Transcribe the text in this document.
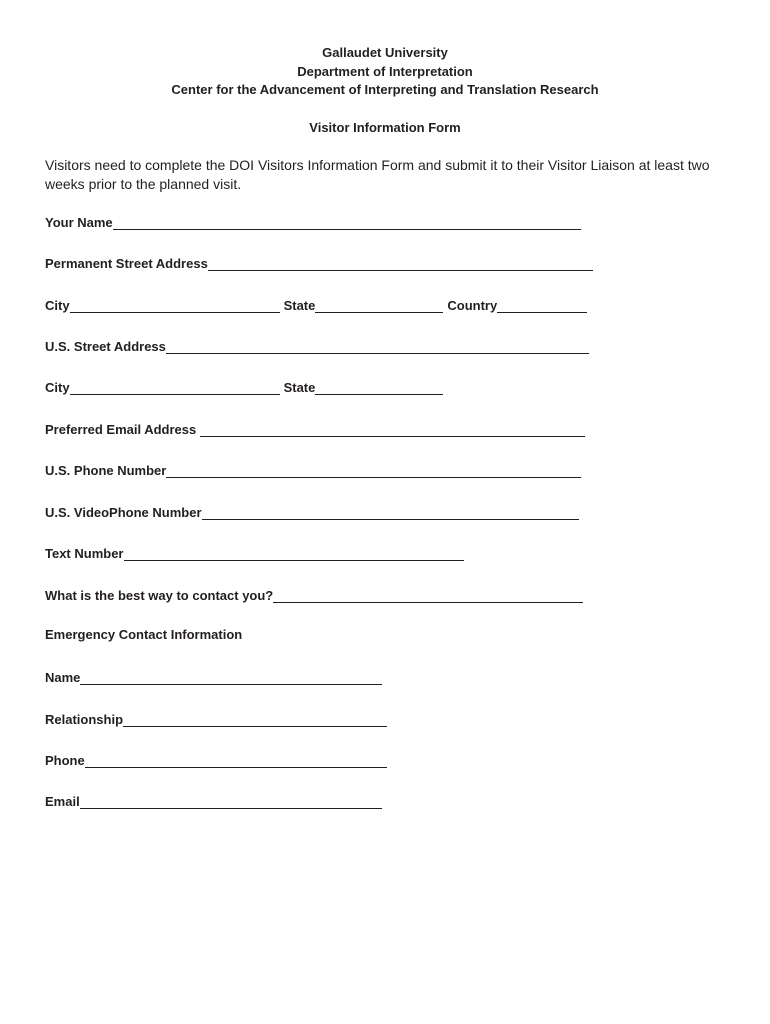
Gallaudet University
Department of Interpretation
Center for the Advancement of Interpreting and Translation Research
Visitor Information Form
Visitors need to complete the DOI Visitors Information Form and submit it to their Visitor Liaison at least two weeks prior to the planned visit.
Your Name
Permanent Street Address
City	State	Country
U.S. Street Address
City	State
Preferred Email Address
U.S. Phone Number
U.S. VideoPhone Number
Text Number
What is the best way to contact you?
Emergency Contact Information
Name
Relationship
Phone
Email
